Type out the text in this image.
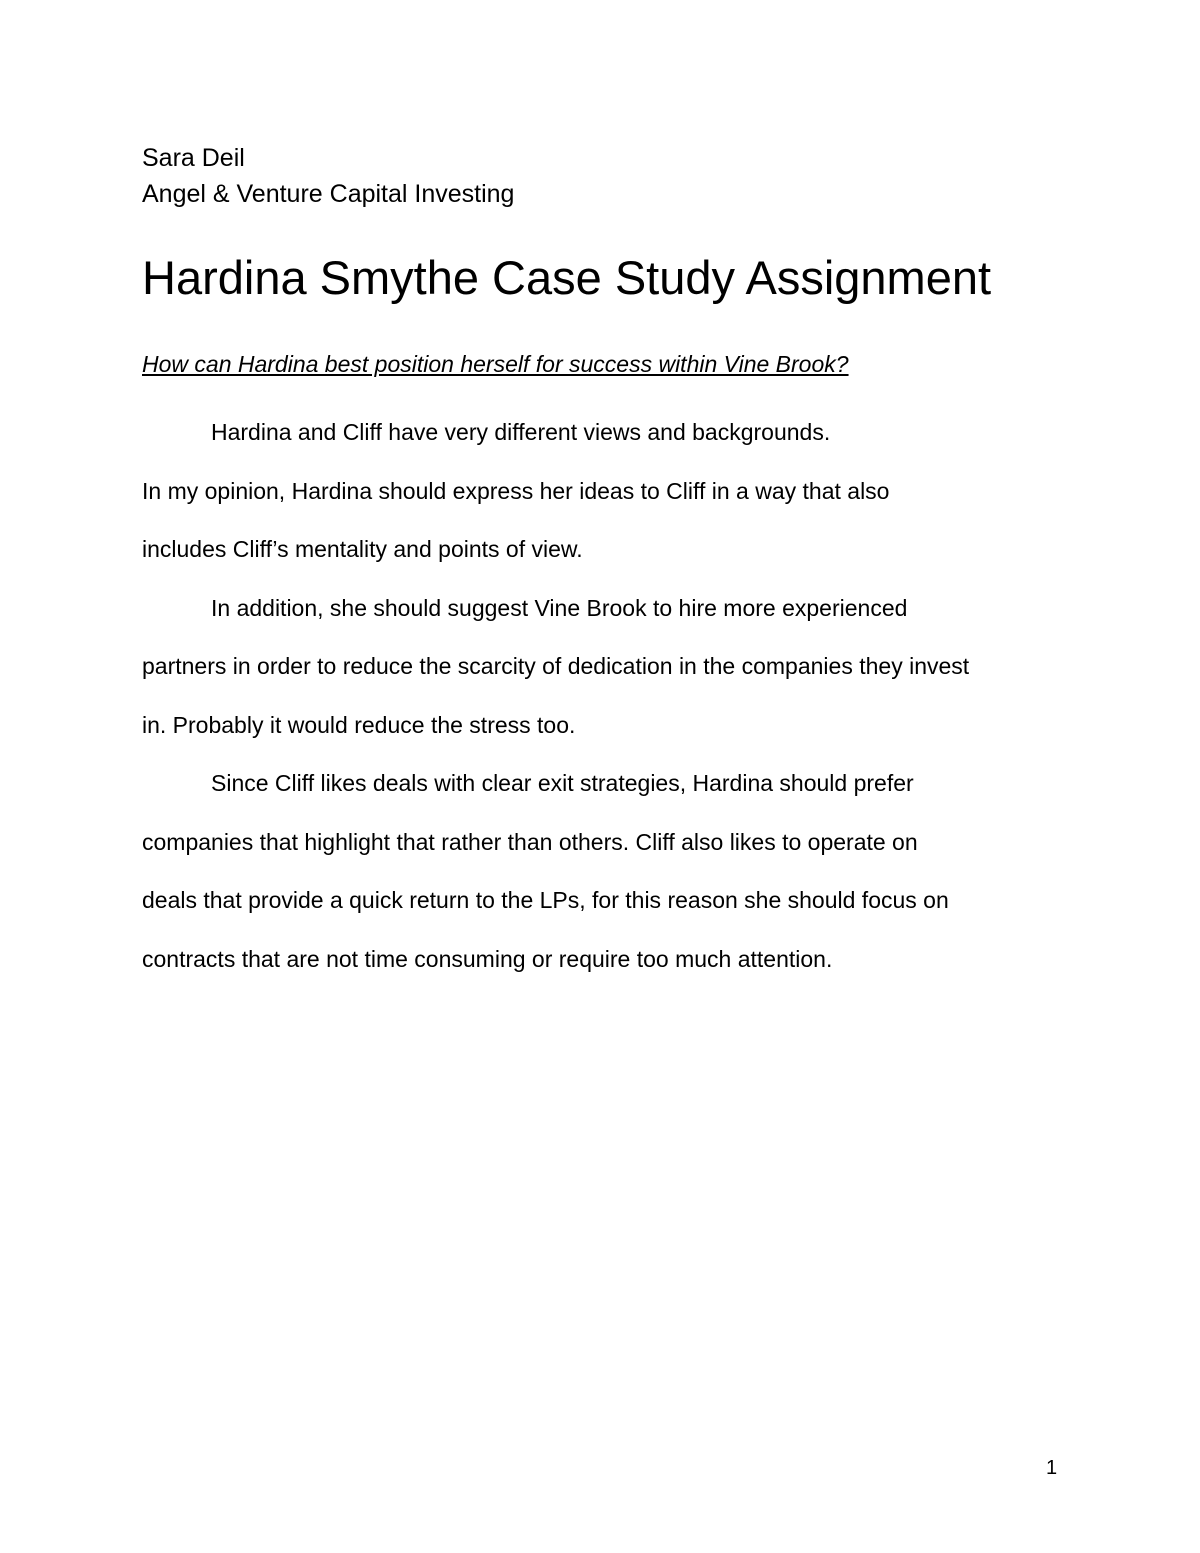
Sara Deil
Angel & Venture Capital Investing
Hardina Smythe Case Study Assignment
How can Hardina best position herself for success within Vine Brook?
Hardina and Cliff have very different views and backgrounds.
In my opinion, Hardina should express her ideas to Cliff in a way that also
includes Cliff’s mentality and points of view.
In addition, she should suggest Vine Brook to hire more experienced
partners in order to reduce the scarcity of dedication in the companies they invest
in. Probably it would reduce the stress too.
Since Cliff likes deals with clear exit strategies, Hardina should prefer
companies that highlight that rather than others. Cliff also likes to operate on
deals that provide a quick return to the LPs, for this reason she should focus on
contracts that are not time consuming or require too much attention.
1
